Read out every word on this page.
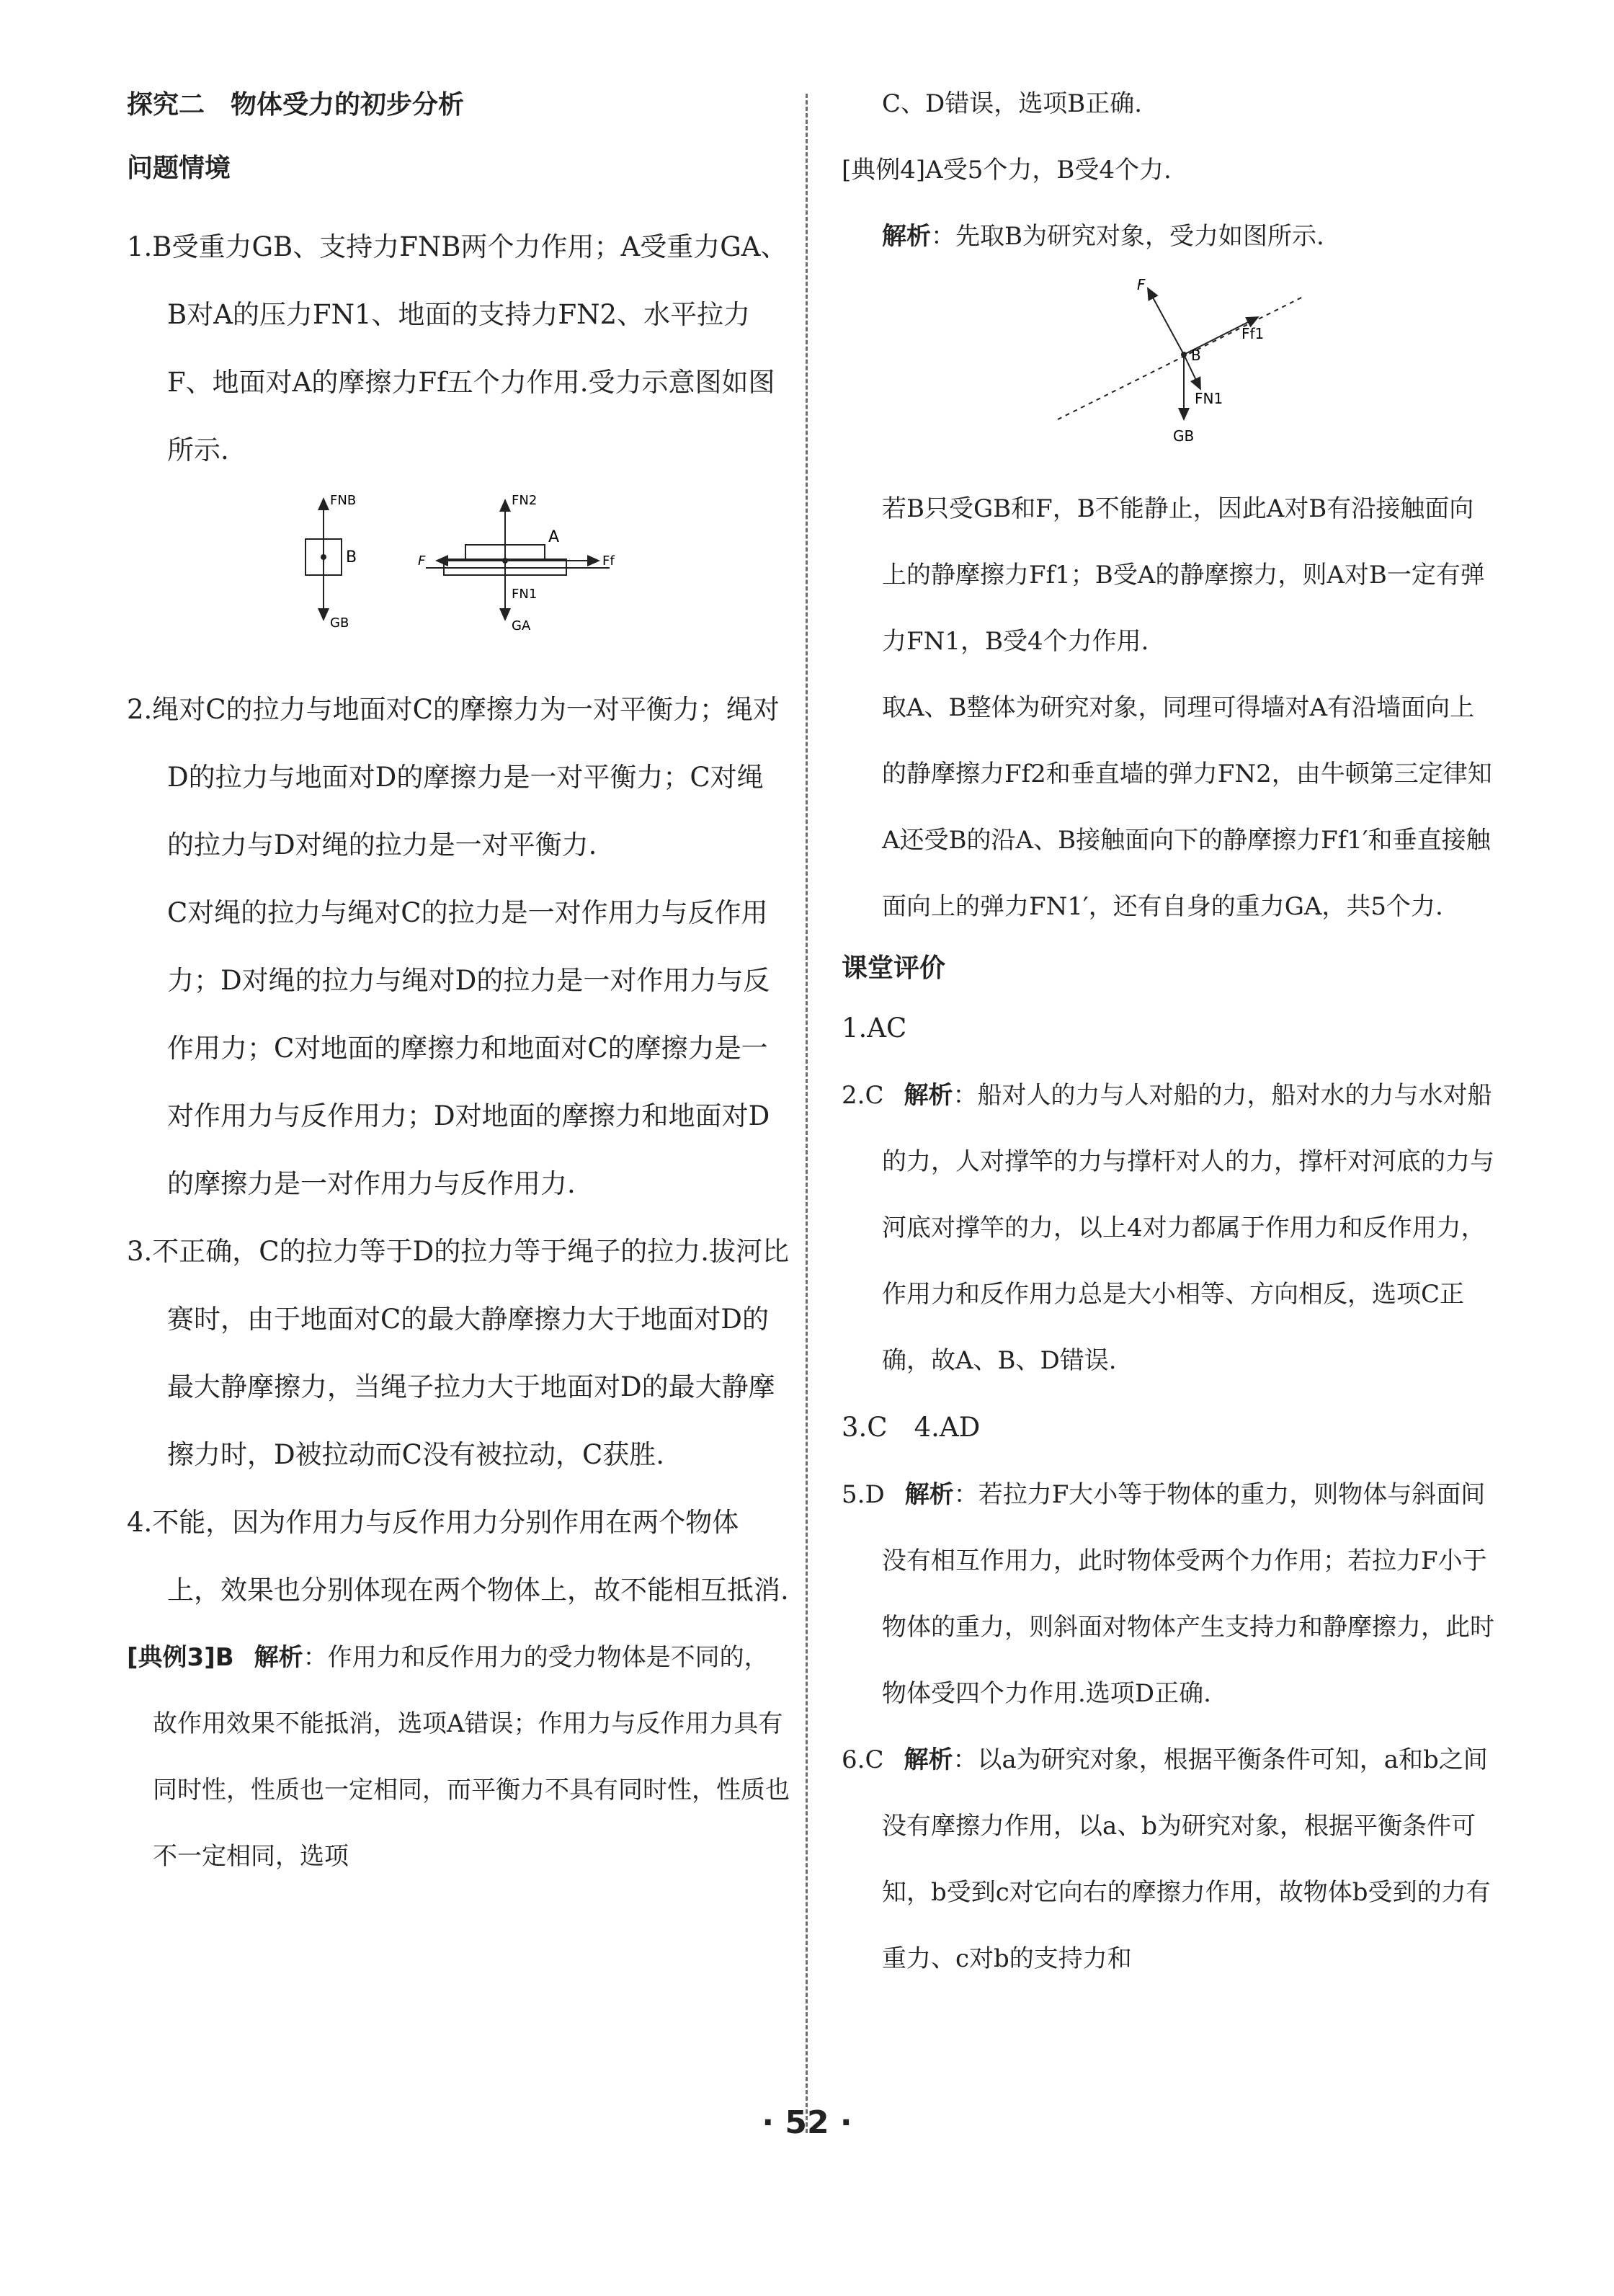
探究二　物体受力的初步分析
问题情境

1.B受重力GB、支持力FNB两个力作用；A受重力GA、B对A的压力FN1、地面的支持力FN2、水平拉力F、地面对A的摩擦力Ff五个力作用.受力示意图如图所示.

FNB
GB
B
FN2
A
F	Ff
FN1
GA

2.绳对C的拉力与地面对C的摩擦力为一对平衡力；绳对D的拉力与地面对D的摩擦力是一对平衡力；C对绳的拉力与D对绳的拉力是一对平衡力.

C对绳的拉力与绳对C的拉力是一对作用力与反作用力；D对绳的拉力与绳对D的拉力是一对作用力与反作用力；C对地面的摩擦力和地面对C的摩擦力是一对作用力与反作用力；D对地面的摩擦力和地面对D的摩擦力是一对作用力与反作用力.

3.不正确，C的拉力等于D的拉力等于绳子的拉力.拔河比赛时，由于地面对C的最大静摩擦力大于地面对D的最大静摩擦力，当绳子拉力大于地面对D的最大静摩擦力时，D被拉动而C没有被拉动，C获胜.

4.不能，因为作用力与反作用力分别作用在两个物体上，效果也分别体现在两个物体上，故不能相互抵消.

[典例3]B 解析：作用力和反作用力的受力物体是不同的，故作用效果不能抵消，选项A错误；作用力与反作用力具有同时性，性质也一定相同，而平衡力不具有同时性，性质也不一定相同，选项

C、D错误，选项B正确.

[典例4]A受5个力，B受4个力.

解析：先取B为研究对象，受力如图所示.

F
Ff1
B
FN1
GB

若B只受GB和F，B不能静止，因此A对B有沿接触面向上的静摩擦力Ff1；B受A的静摩擦力，则A对B一定有弹力FN1，B受4个力作用.

取A、B整体为研究对象，同理可得墙对A有沿墙面向上的静摩擦力Ff2和垂直墙的弹力FN2，由牛顿第三定律知A还受B的沿A、B接触面向下的静摩擦力Ff1′和垂直接触面向上的弹力FN1′，还有自身的重力GA，共5个力.

课堂评价

1.AC

2.C 解析：船对人的力与人对船的力，船对水的力与水对船的力，人对撑竿的力与撑杆对人的力，撑杆对河底的力与河底对撑竿的力，以上4对力都属于作用力和反作用力，作用力和反作用力总是大小相等、方向相反，选项C正确，故A、B、D错误.

3.C　4.AD

5.D 解析：若拉力F大小等于物体的重力，则物体与斜面间没有相互作用力，此时物体受两个力作用；若拉力F小于物体的重力，则斜面对物体产生支持力和静摩擦力，此时物体受四个力作用.选项D正确.

6.C 解析：以a为研究对象，根据平衡条件可知，a和b之间没有摩擦力作用，以a、b为研究对象，根据平衡条件可知，b受到c对它向右的摩擦力作用，故物体b受到的力有重力、c对b的支持力和

· 52 ·
